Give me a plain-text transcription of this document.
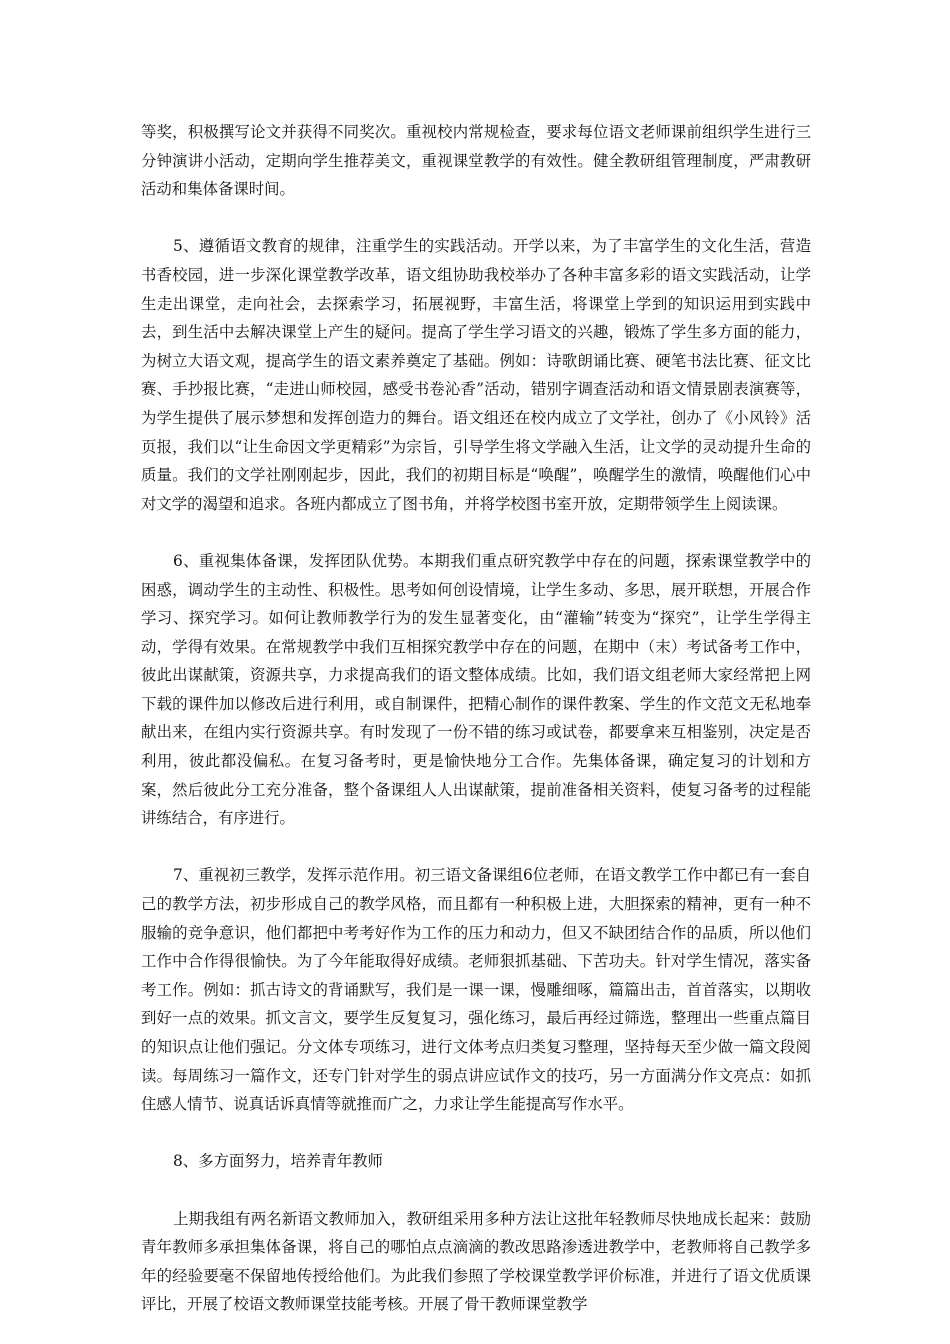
等奖，积极撰写论文并获得不同奖次。重视校内常规检查，要求每位语文老师课前组织学生进行三分钟演讲小活动，定期向学生推荐美文，重视课堂教学的有效性。健全教研组管理制度，严肃教研活动和集体备课时间。

5、遵循语文教育的规律，注重学生的实践活动。开学以来，为了丰富学生的文化生活，营造书香校园，进一步深化课堂教学改革，语文组协助我校举办了各种丰富多彩的语文实践活动，让学生走出课堂，走向社会，去探索学习，拓展视野，丰富生活，将课堂上学到的知识运用到实践中去，到生活中去解决课堂上产生的疑问。提高了学生学习语文的兴趣，锻炼了学生多方面的能力，为树立大语文观，提高学生的语文素养奠定了基础。例如：诗歌朗诵比赛、硬笔书法比赛、征文比赛、手抄报比赛，“走进山师校园，感受书卷沁香”活动，错别字调查活动和语文情景剧表演赛等，为学生提供了展示梦想和发挥创造力的舞台。语文组还在校内成立了文学社，创办了《小风铃》活页报，我们以“让生命因文学更精彩”为宗旨，引导学生将文学融入生活，让文学的灵动提升生命的质量。我们的文学社刚刚起步，因此，我们的初期目标是“唤醒”，唤醒学生的激情，唤醒他们心中对文学的渴望和追求。各班内都成立了图书角，并将学校图书室开放，定期带领学生上阅读课。

6、重视集体备课，发挥团队优势。本期我们重点研究教学中存在的问题，探索课堂教学中的困惑，调动学生的主动性、积极性。思考如何创设情境，让学生多动、多思，展开联想，开展合作学习、探究学习。如何让教师教学行为的发生显著变化，由“灌输”转变为“探究”，让学生学得主动，学得有效果。在常规教学中我们互相探究教学中存在的问题，在期中（末）考试备考工作中，彼此出谋献策，资源共享，力求提高我们的语文整体成绩。比如，我们语文组老师大家经常把上网下载的课件加以修改后进行利用，或自制课件，把精心制作的课件教案、学生的作文范文无私地奉献出来，在组内实行资源共享。有时发现了一份不错的练习或试卷，都要拿来互相鉴别，决定是否利用，彼此都没偏私。在复习备考时，更是愉快地分工合作。先集体备课，确定复习的计划和方案，然后彼此分工充分准备，整个备课组人人出谋献策，提前准备相关资料，使复习备考的过程能讲练结合，有序进行。

7、重视初三教学，发挥示范作用。初三语文备课组6位老师，在语文教学工作中都已有一套自己的教学方法，初步形成自己的教学风格，而且都有一种积极上进，大胆探索的精神，更有一种不服输的竞争意识，他们都把中考考好作为工作的压力和动力，但又不缺团结合作的品质，所以他们工作中合作得很愉快。为了今年能取得好成绩。老师狠抓基础、下苦功夫。针对学生情况，落实备考工作。例如：抓古诗文的背诵默写，我们是一课一课，慢雕细啄，篇篇出击，首首落实，以期收到好一点的效果。抓文言文，要学生反复复习，强化练习，最后再经过筛选，整理出一些重点篇目的知识点让他们强记。分文体专项练习，进行文体考点归类复习整理，坚持每天至少做一篇文段阅读。每周练习一篇作文，还专门针对学生的弱点讲应试作文的技巧，另一方面满分作文亮点：如抓住感人情节、说真话诉真情等就推而广之，力求让学生能提高写作水平。

8、多方面努力，培养青年教师

上期我组有两名新语文教师加入，教研组采用多种方法让这批年轻教师尽快地成长起来：鼓励青年教师多承担集体备课，将自己的哪怕点点滴滴的教改思路渗透进教学中，老教师将自己教学多年的经验要毫不保留地传授给他们。为此我们参照了学校课堂教学评价标准，并进行了语文优质课评比，开展了校语文教师课堂技能考核。开展了骨干教师课堂教学
